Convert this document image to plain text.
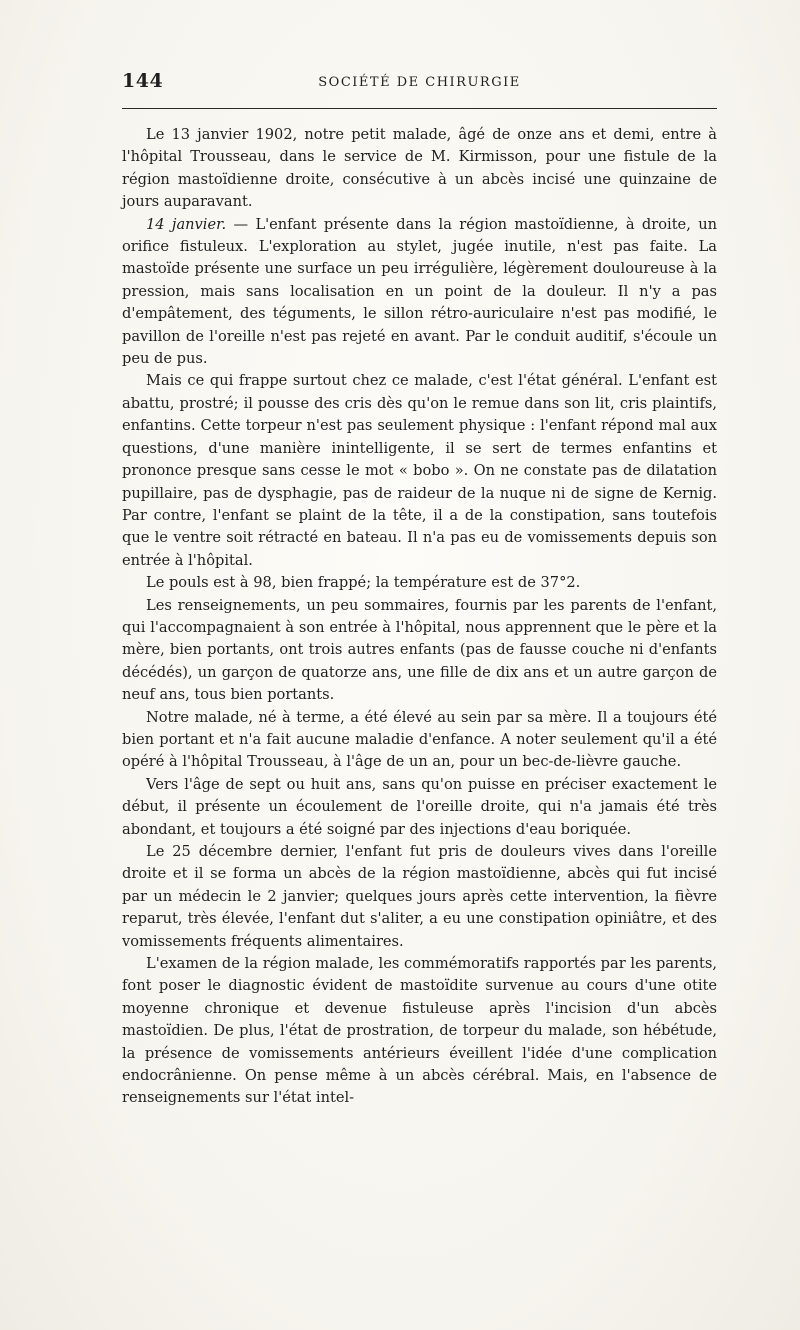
144	SOCIÉTÉ DE CHIRURGIE

Le 13 janvier 1902, notre petit malade, âgé de onze ans et demi, entre à l'hôpital Trousseau, dans le service de M. Kirmisson, pour une fistule de la région mastoïdienne droite, consécutive à un abcès incisé une quinzaine de jours auparavant.

14 janvier. — L'enfant présente dans la région mastoïdienne, à droite, un orifice fistuleux. L'exploration au stylet, jugée inutile, n'est pas faite. La mastoïde présente une surface un peu irrégulière, légèrement douloureuse à la pression, mais sans localisation en un point de la douleur. Il n'y a pas d'empâtement, des téguments, le sillon rétro-auriculaire n'est pas modifié, le pavillon de l'oreille n'est pas rejeté en avant. Par le conduit auditif, s'écoule un peu de pus.

Mais ce qui frappe surtout chez ce malade, c'est l'état général. L'enfant est abattu, prostré; il pousse des cris dès qu'on le remue dans son lit, cris plaintifs, enfantins. Cette torpeur n'est pas seulement physique : l'enfant répond mal aux questions, d'une manière inintelligente, il se sert de termes enfantins et prononce presque sans cesse le mot « bobo ». On ne constate pas de dilatation pupillaire, pas de dysphagie, pas de raideur de la nuque ni de signe de Kernig. Par contre, l'enfant se plaint de la tête, il a de la constipation, sans toutefois que le ventre soit rétracté en bateau. Il n'a pas eu de vomissements depuis son entrée à l'hôpital.

Le pouls est à 98, bien frappé; la température est de 37°2.

Les renseignements, un peu sommaires, fournis par les parents de l'enfant, qui l'accompagnaient à son entrée à l'hôpital, nous apprennent que le père et la mère, bien portants, ont trois autres enfants (pas de fausse couche ni d'enfants décédés), un garçon de quatorze ans, une fille de dix ans et un autre garçon de neuf ans, tous bien portants.

Notre malade, né à terme, a été élevé au sein par sa mère. Il a toujours été bien portant et n'a fait aucune maladie d'enfance. A noter seulement qu'il a été opéré à l'hôpital Trousseau, à l'âge de un an, pour un bec-de-lièvre gauche.

Vers l'âge de sept ou huit ans, sans qu'on puisse en préciser exactement le début, il présente un écoulement de l'oreille droite, qui n'a jamais été très abondant, et toujours a été soigné par des injections d'eau boriquée.

Le 25 décembre dernier, l'enfant fut pris de douleurs vives dans l'oreille droite et il se forma un abcès de la région mastoïdienne, abcès qui fut incisé par un médecin le 2 janvier; quelques jours après cette intervention, la fièvre reparut, très élevée, l'enfant dut s'aliter, a eu une constipation opiniâtre, et des vomissements fréquents alimentaires.

L'examen de la région malade, les commémoratifs rapportés par les parents, font poser le diagnostic évident de mastoïdite survenue au cours d'une otite moyenne chronique et devenue fistuleuse après l'incision d'un abcès mastoïdien. De plus, l'état de prostration, de torpeur du malade, son hébétude, la présence de vomissements antérieurs éveillent l'idée d'une complication endocrânienne. On pense même à un abcès cérébral. Mais, en l'absence de renseignements sur l'état intel-
